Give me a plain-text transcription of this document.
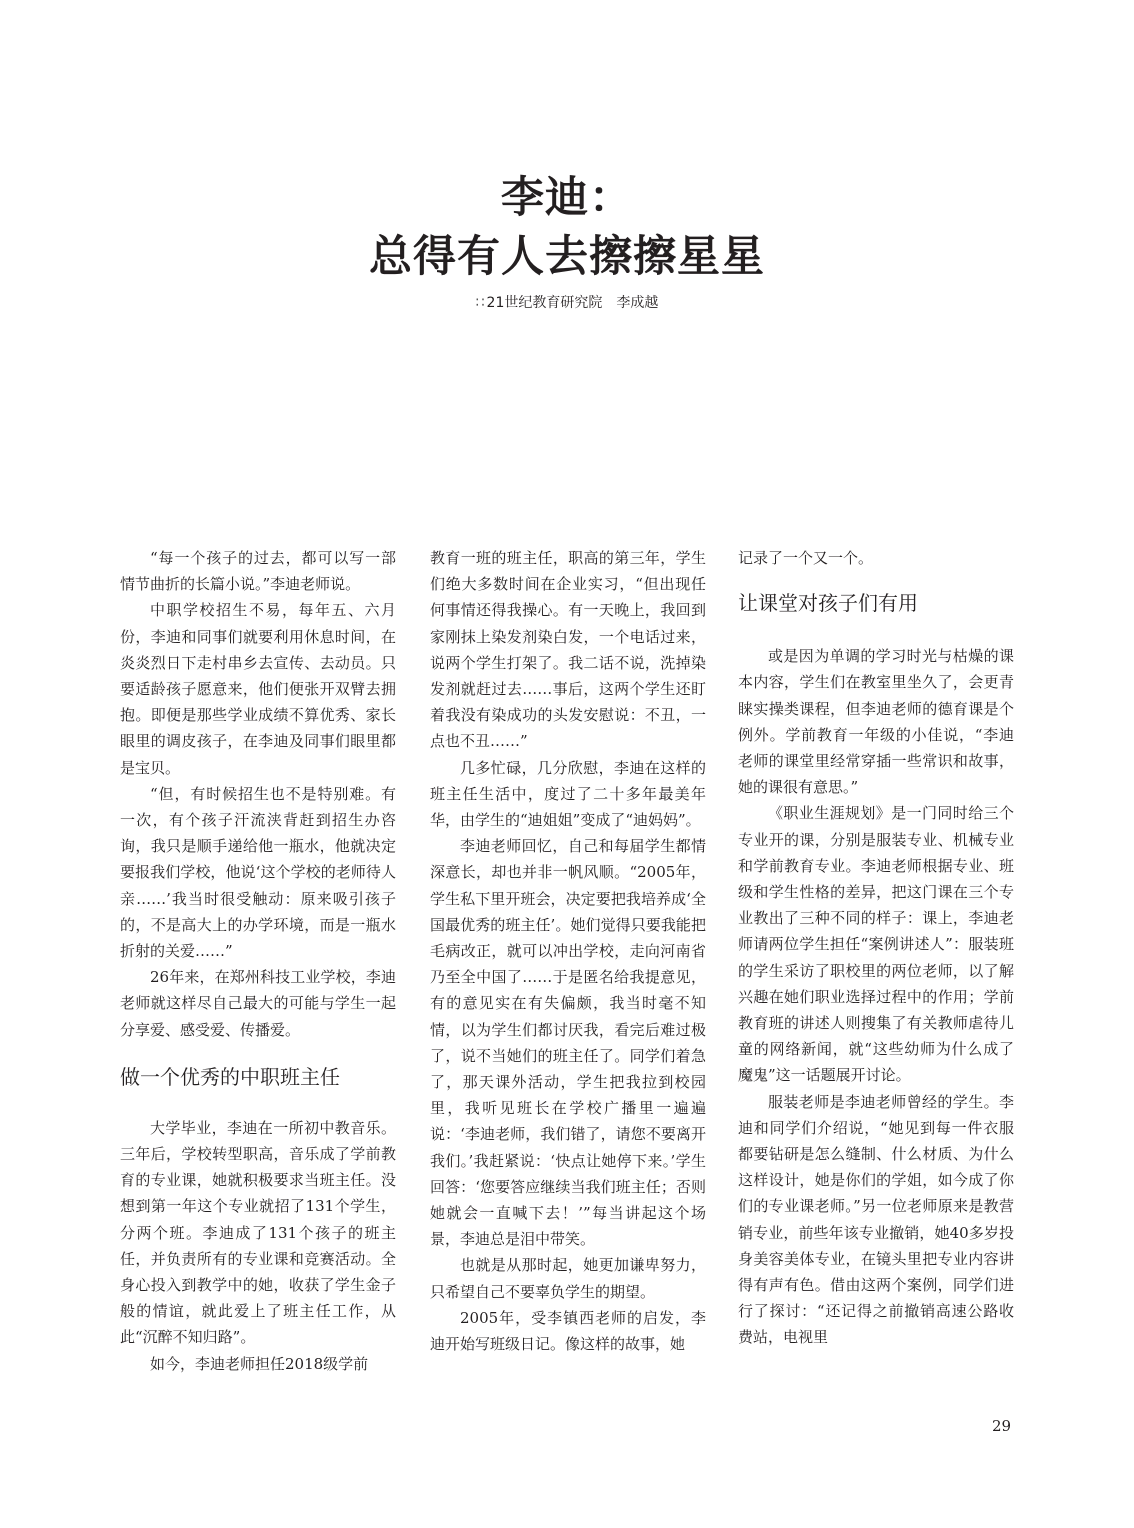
李迪：
总得有人去擦擦星星
∷ 21世纪教育研究院 李成越

“每一个孩子的过去，都可以写一部情节曲折的长篇小说。”李迪老师说。

中职学校招生不易，每年五、六月份，李迪和同事们就要利用休息时间，在炎炎烈日下走村串乡去宣传、去动员。只要适龄孩子愿意来，他们便张开双臂去拥抱。即便是那些学业成绩不算优秀、家长眼里的调皮孩子，在李迪及同事们眼里都是宝贝。

“但，有时候招生也不是特别难。有一次，有个孩子汗流浃背赶到招生办咨询，我只是顺手递给他一瓶水，他就决定要报我们学校，他说‘这个学校的老师待人亲……’我当时很受触动：原来吸引孩子的，不是高大上的办学环境，而是一瓶水折射的关爱……”

26年来，在郑州科技工业学校，李迪老师就这样尽自己最大的可能与学生一起分享爱、感受爱、传播爱。

做一个优秀的中职班主任

大学毕业，李迪在一所初中教音乐。三年后，学校转型职高，音乐成了学前教育的专业课，她就积极要求当班主任。没想到第一年这个专业就招了131个学生，分两个班。李迪成了131个孩子的班主任，并负责所有的专业课和竞赛活动。全身心投入到教学中的她，收获了学生金子般的情谊，就此爱上了班主任工作，从此“沉醉不知归路”。

如今，李迪老师担任2018级学前

教育一班的班主任，职高的第三年，学生们绝大多数时间在企业实习，“但出现任何事情还得我操心。有一天晚上，我回到家刚抹上染发剂染白发，一个电话过来，说两个学生打架了。我二话不说，洗掉染发剂就赶过去……事后，这两个学生还盯着我没有染成功的头发安慰说：不丑，一点也不丑……”

几多忙碌，几分欣慰，李迪在这样的班主任生活中，度过了二十多年最美年华，由学生的“迪姐姐”变成了“迪妈妈”。

李迪老师回忆，自己和每届学生都情深意长，却也并非一帆风顺。“2005年，学生私下里开班会，决定要把我培养成‘全国最优秀的班主任’。她们觉得只要我能把毛病改正，就可以冲出学校，走向河南省乃至全中国了……于是匿名给我提意见，有的意见实在有失偏颇，我当时毫不知情，以为学生们都讨厌我，看完后难过极了，说不当她们的班主任了。同学们着急了，那天课外活动，学生把我拉到校园里，我听见班长在学校广播里一遍遍说：‘李迪老师，我们错了，请您不要离开我们。’我赶紧说：‘快点让她停下来。’学生回答：‘您要答应继续当我们班主任；否则她就会一直喊下去！’”每当讲起这个场景，李迪总是泪中带笑。

也就是从那时起，她更加谦卑努力，只希望自己不要辜负学生的期望。

2005年，受李镇西老师的启发，李迪开始写班级日记。像这样的故事，她

记录了一个又一个。

让课堂对孩子们有用

或是因为单调的学习时光与枯燥的课本内容，学生们在教室里坐久了，会更青睐实操类课程，但李迪老师的德育课是个例外。学前教育一年级的小佳说，“李迪老师的课堂里经常穿插一些常识和故事，她的课很有意思。”

《职业生涯规划》是一门同时给三个专业开的课，分别是服装专业、机械专业和学前教育专业。李迪老师根据专业、班级和学生性格的差异，把这门课在三个专业教出了三种不同的样子：课上，李迪老师请两位学生担任“案例讲述人”：服装班的学生采访了职校里的两位老师，以了解兴趣在她们职业选择过程中的作用；学前教育班的讲述人则搜集了有关教师虐待儿童的网络新闻，就“这些幼师为什么成了魔鬼”这一话题展开讨论。

服装老师是李迪老师曾经的学生。李迪和同学们介绍说，“她见到每一件衣服都要钻研是怎么缝制、什么材质、为什么这样设计，她是你们的学姐，如今成了你们的专业课老师。”另一位老师原来是教营销专业，前些年该专业撤销，她40多岁投身美容美体专业，在镜头里把专业内容讲得有声有色。借由这两个案例，同学们进行了探讨：“还记得之前撤销高速公路收费站，电视里

29
